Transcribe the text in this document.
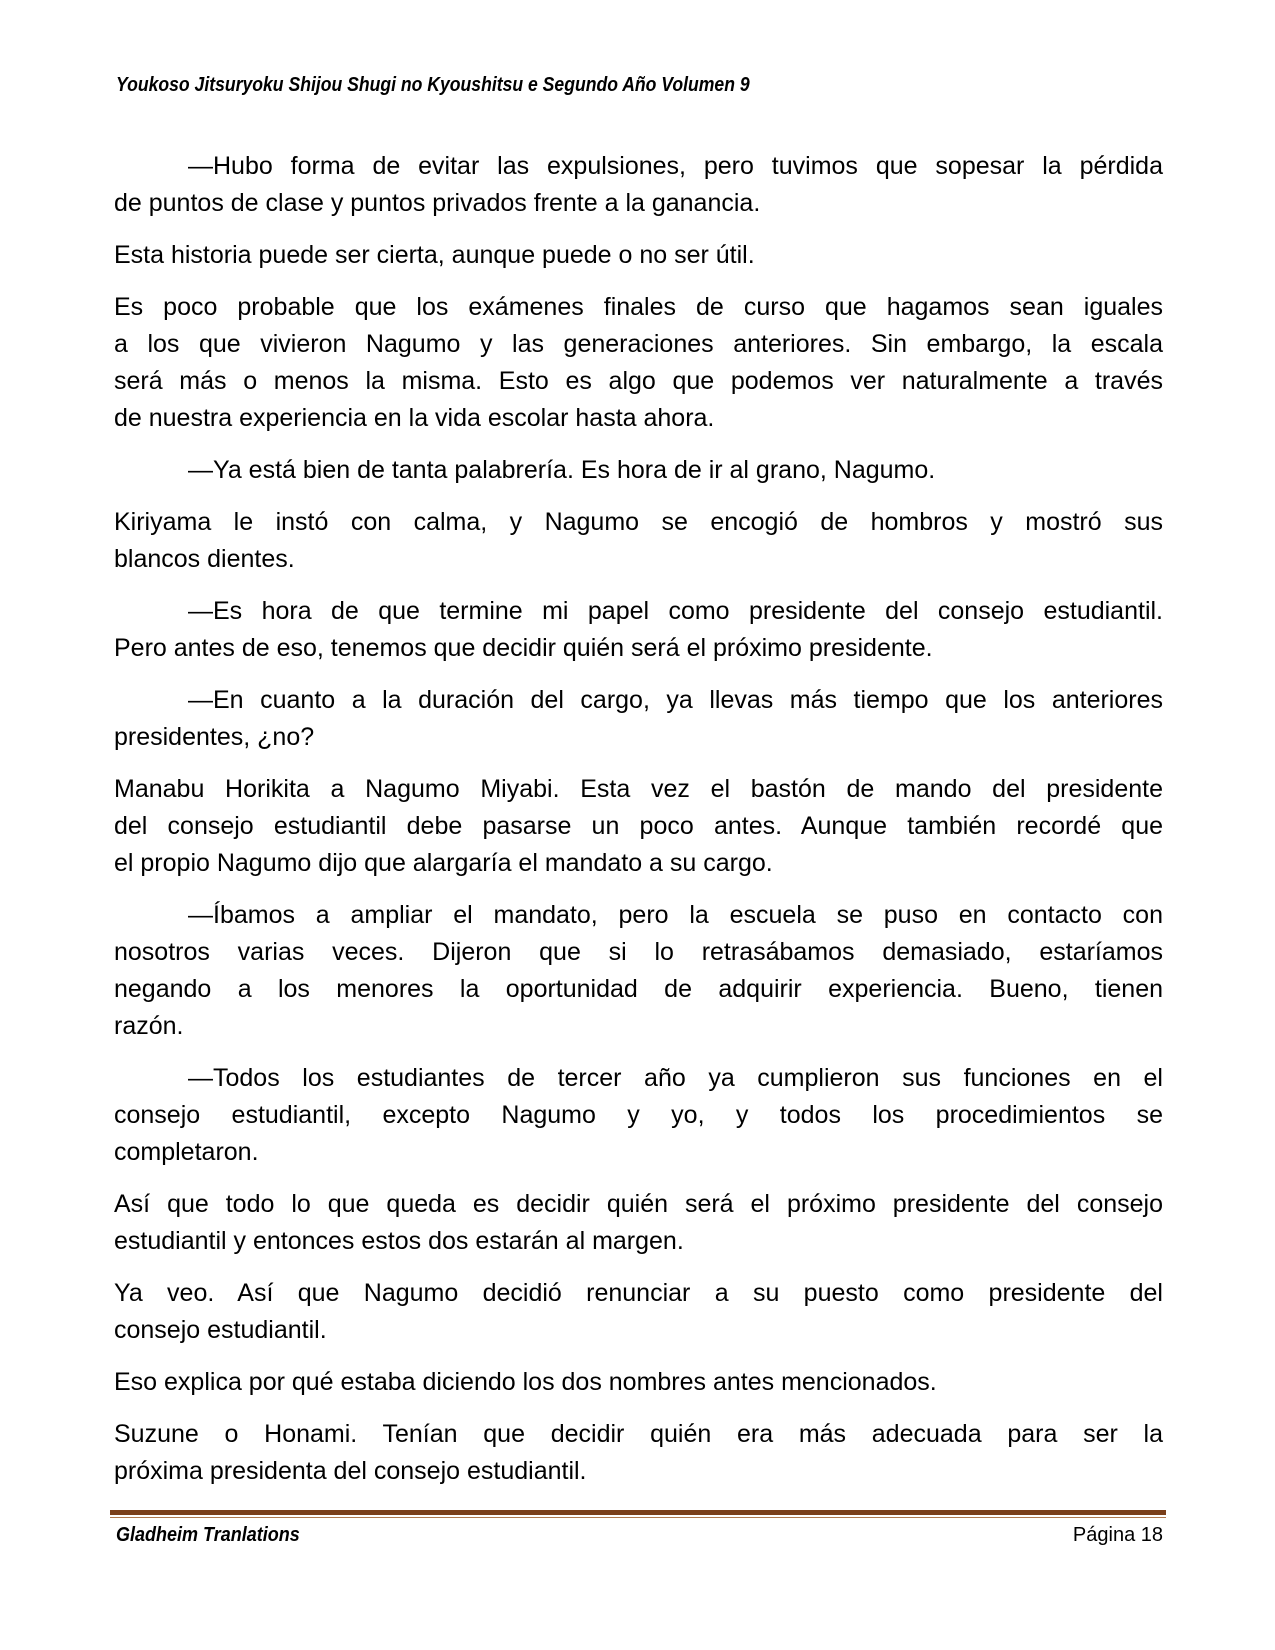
Youkoso Jitsuryoku Shijou Shugi no Kyoushitsu e Segundo Año Volumen 9
—Hubo forma de evitar las expulsiones, pero tuvimos que sopesar la pérdida
de puntos de clase y puntos privados frente a la ganancia.
Esta historia puede ser cierta, aunque puede o no ser útil.
Es poco probable que los exámenes finales de curso que hagamos sean iguales
a los que vivieron Nagumo y las generaciones anteriores. Sin embargo, la escala
será más o menos la misma. Esto es algo que podemos ver naturalmente a través
de nuestra experiencia en la vida escolar hasta ahora.
—Ya está bien de tanta palabrería. Es hora de ir al grano, Nagumo.
Kiriyama le instó con calma, y Nagumo se encogió de hombros y mostró sus
blancos dientes.
—Es hora de que termine mi papel como presidente del consejo estudiantil.
Pero antes de eso, tenemos que decidir quién será el próximo presidente.
—En cuanto a la duración del cargo, ya llevas más tiempo que los anteriores
presidentes, ¿no?
Manabu Horikita a Nagumo Miyabi. Esta vez el bastón de mando del presidente
del consejo estudiantil debe pasarse un poco antes. Aunque también recordé que
el propio Nagumo dijo que alargaría el mandato a su cargo.
—Íbamos a ampliar el mandato, pero la escuela se puso en contacto con
nosotros varias veces. Dijeron que si lo retrasábamos demasiado, estaríamos
negando a los menores la oportunidad de adquirir experiencia. Bueno, tienen
razón.
—Todos los estudiantes de tercer año ya cumplieron sus funciones en el
consejo estudiantil, excepto Nagumo y yo, y todos los procedimientos se
completaron.
Así que todo lo que queda es decidir quién será el próximo presidente del consejo
estudiantil y entonces estos dos estarán al margen.
Ya veo. Así que Nagumo decidió renunciar a su puesto como presidente del
consejo estudiantil.
Eso explica por qué estaba diciendo los dos nombres antes mencionados.
Suzune o Honami. Tenían que decidir quién era más adecuada para ser la
próxima presidenta del consejo estudiantil.
Gladheim Tranlations	Página 18
